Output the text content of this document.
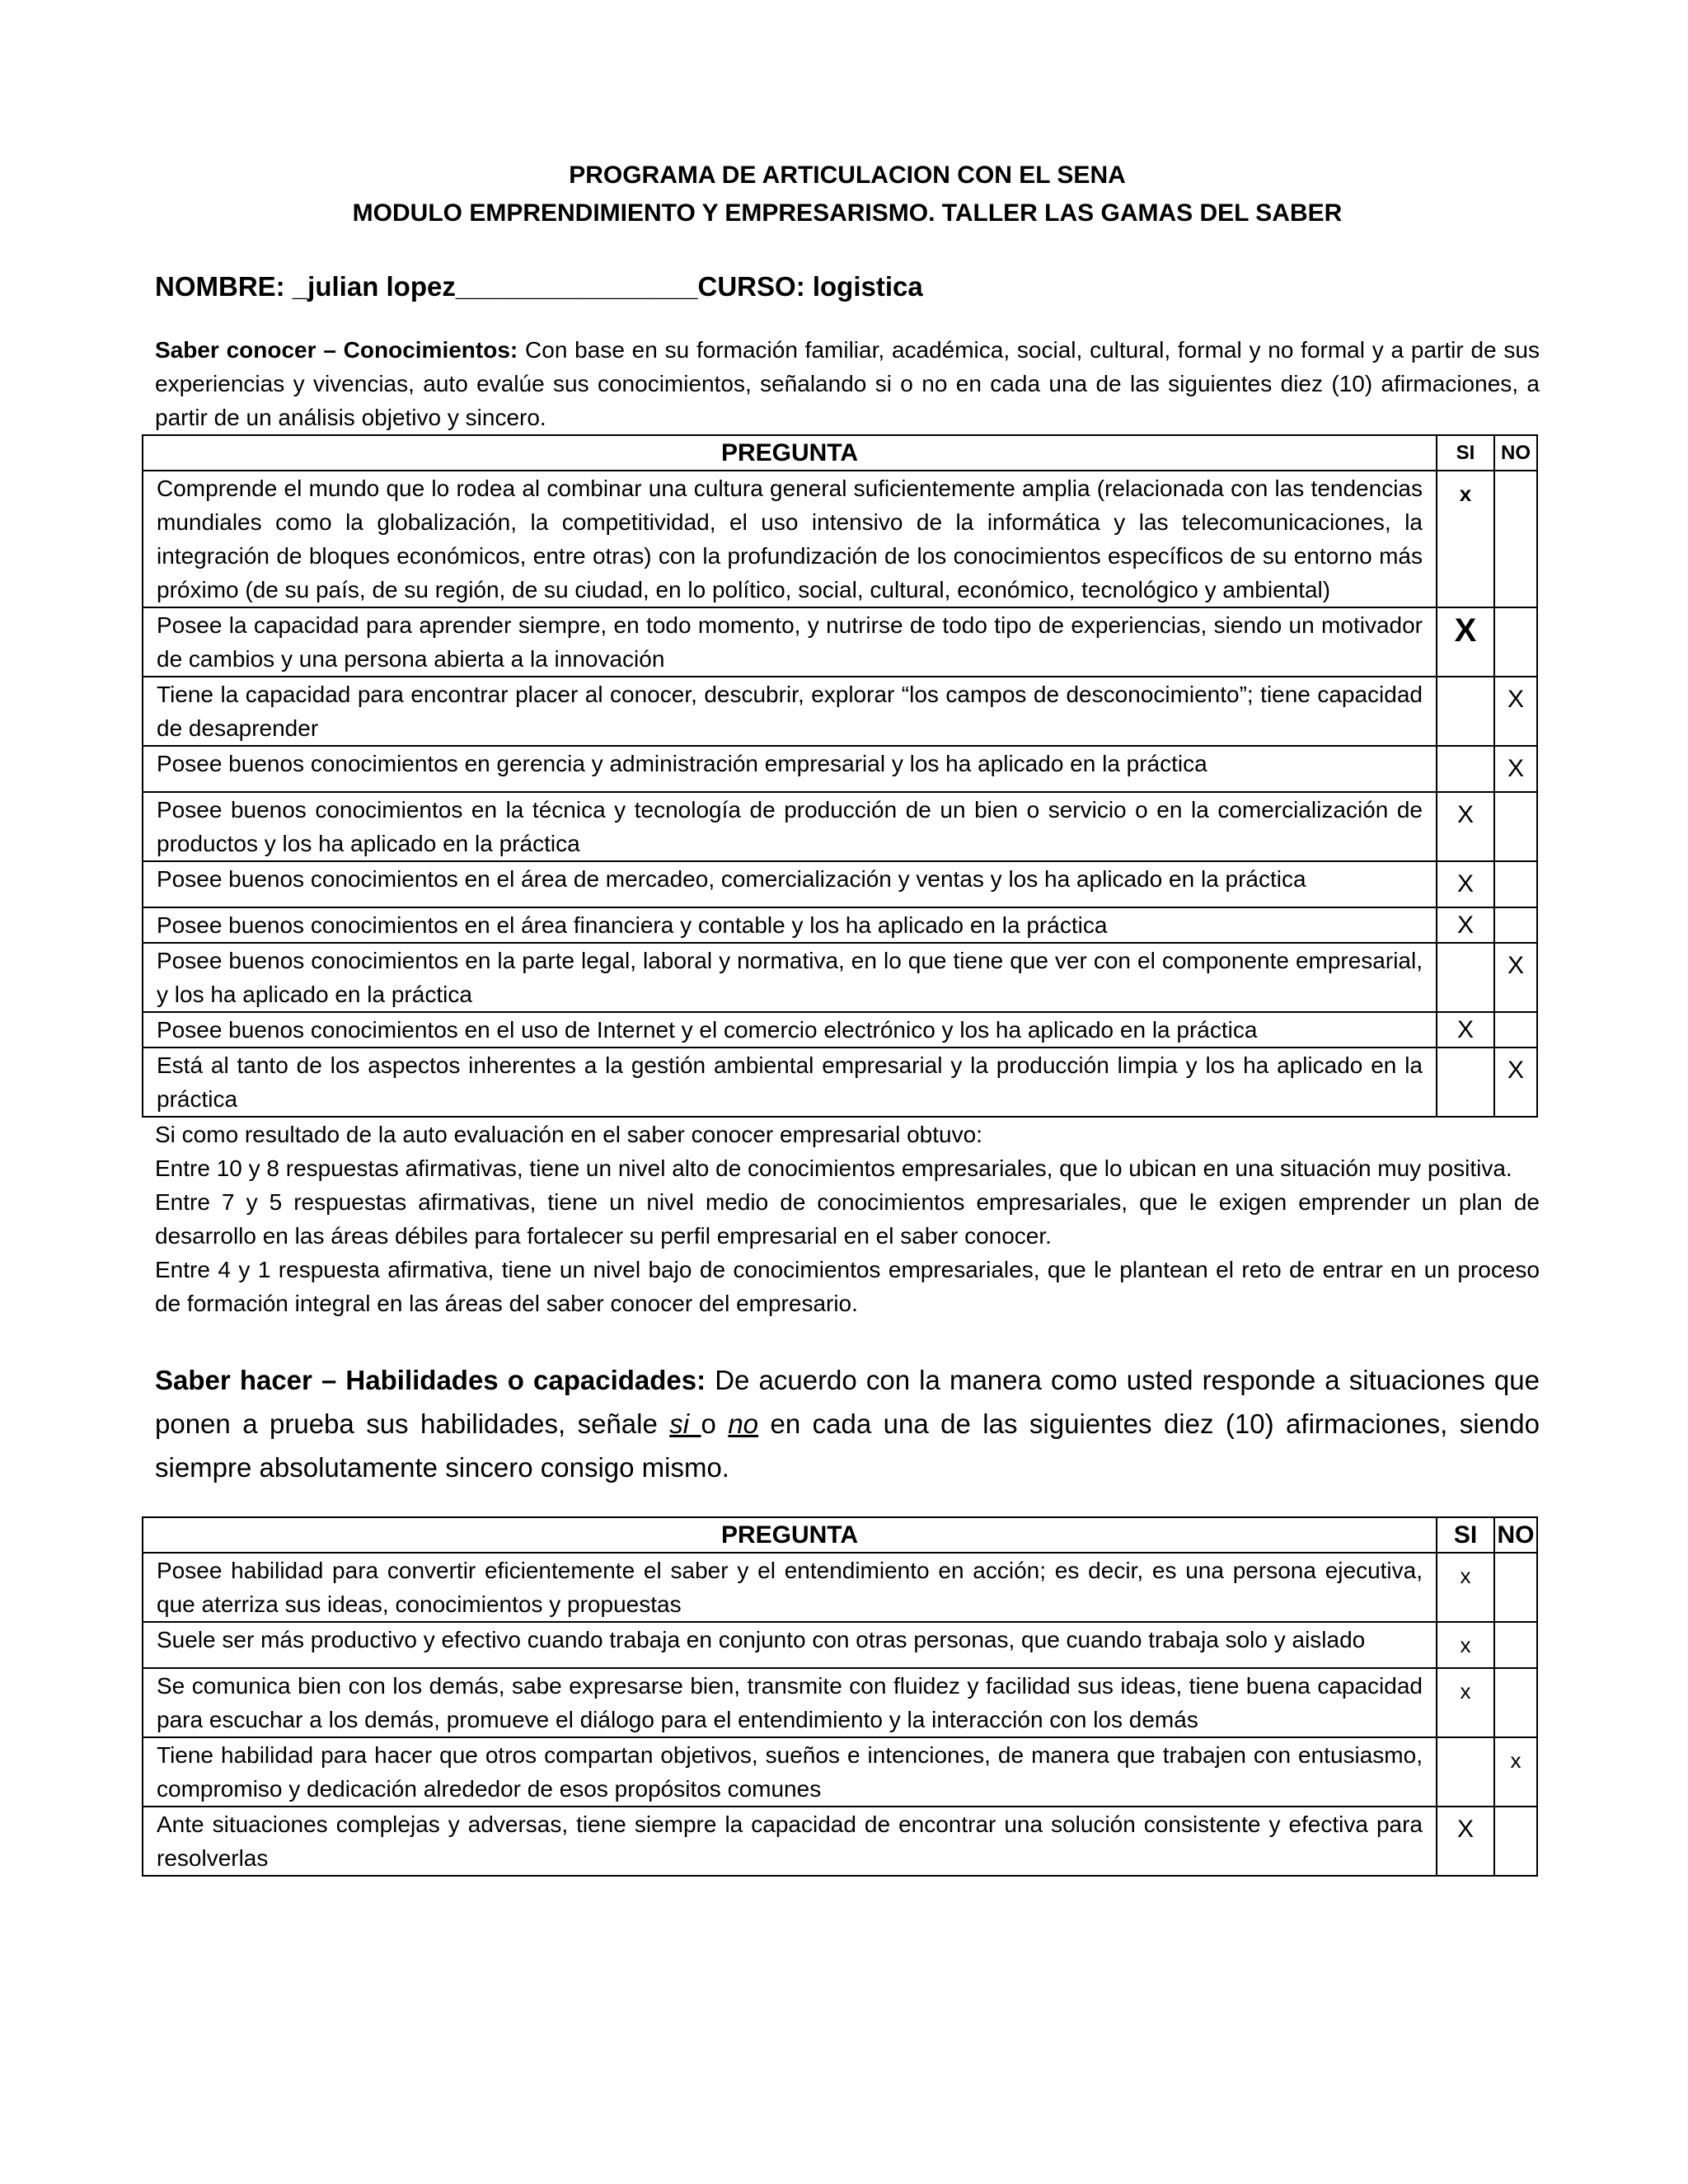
PROGRAMA DE ARTICULACION CON EL SENA

MODULO EMPRENDIMIENTO Y EMPRESARISMO. TALLER LAS GAMAS DEL SABER

NOMBRE: _julian lopez________________CURSO: logistica

Saber conocer – Conocimientos: Con base en su formación familiar, académica, social, cultural, formal y no formal y a partir de sus experiencias y vivencias, auto evalúe sus conocimientos, señalando si o no en cada una de las siguientes diez (10) afirmaciones, a partir de un análisis objetivo y sincero.

PREGUNTA	SI	NO
Comprende el mundo que lo rodea al combinar una cultura general suficientemente amplia (relacionada con las tendencias mundiales como la globalización, la competitividad, el uso intensivo de la informática y las telecomunicaciones, la integración de bloques económicos, entre otras) con la profundización de los conocimientos específicos de su entorno más próximo (de su país, de su región, de su ciudad, en lo político, social, cultural, económico, tecnológico y ambiental)	x	
Posee la capacidad para aprender siempre, en todo momento, y nutrirse de todo tipo de experiencias, siendo un motivador de cambios y una persona abierta a la innovación	X	
Tiene la capacidad para encontrar placer al conocer, descubrir, explorar “los campos de desconocimiento”; tiene capacidad de desaprender		X
Posee buenos conocimientos en gerencia y administración empresarial y los ha aplicado en la práctica		X
Posee buenos conocimientos en la técnica y tecnología de producción de un bien o servicio o en la comercialización de productos y los ha aplicado en la práctica	X	
Posee buenos conocimientos en el área de mercadeo, comercialización y ventas y los ha aplicado en la práctica	X	
Posee buenos conocimientos en el área financiera y contable y los ha aplicado en la práctica	X	
Posee buenos conocimientos en la parte legal, laboral y normativa, en lo que tiene que ver con el componente empresarial, y los ha aplicado en la práctica		X
Posee buenos conocimientos en el uso de Internet y el comercio electrónico y los ha aplicado en la práctica	X	
Está al tanto de los aspectos inherentes a la gestión ambiental empresarial y la producción limpia y los ha aplicado en la práctica		X

Si como resultado de la auto evaluación en el saber conocer empresarial obtuvo:

Entre 10 y 8 respuestas afirmativas, tiene un nivel alto de conocimientos empresariales, que lo ubican en una situación muy positiva.

Entre 7 y 5 respuestas afirmativas, tiene un nivel medio de conocimientos empresariales, que le exigen emprender un plan de desarrollo en las áreas débiles para fortalecer su perfil empresarial en el saber conocer.

Entre 4 y 1 respuesta afirmativa, tiene un nivel bajo de conocimientos empresariales, que le plantean el reto de entrar en un proceso de formación integral en las áreas del saber conocer del empresario.

Saber hacer – Habilidades o capacidades: De acuerdo con la manera como usted responde a situaciones que ponen a prueba sus habilidades, señale si o no en cada una de las siguientes diez (10) afirmaciones, siendo siempre absolutamente sincero consigo mismo.

PREGUNTA	SI	NO
Posee habilidad para convertir eficientemente el saber y el entendimiento en acción; es decir, es una persona ejecutiva, que aterriza sus ideas, conocimientos y propuestas	x	
Suele ser más productivo y efectivo cuando trabaja en conjunto con otras personas, que cuando trabaja solo y aislado	x	
Se comunica bien con los demás, sabe expresarse bien, transmite con fluidez y facilidad sus ideas, tiene buena capacidad para escuchar a los demás, promueve el diálogo para el entendimiento y la interacción con los demás	x	
Tiene habilidad para hacer que otros compartan objetivos, sueños e intenciones, de manera que trabajen con entusiasmo, compromiso y dedicación alrededor de esos propósitos comunes		x
Ante situaciones complejas y adversas, tiene siempre la capacidad de encontrar una solución consistente y efectiva para resolverlas	X	
